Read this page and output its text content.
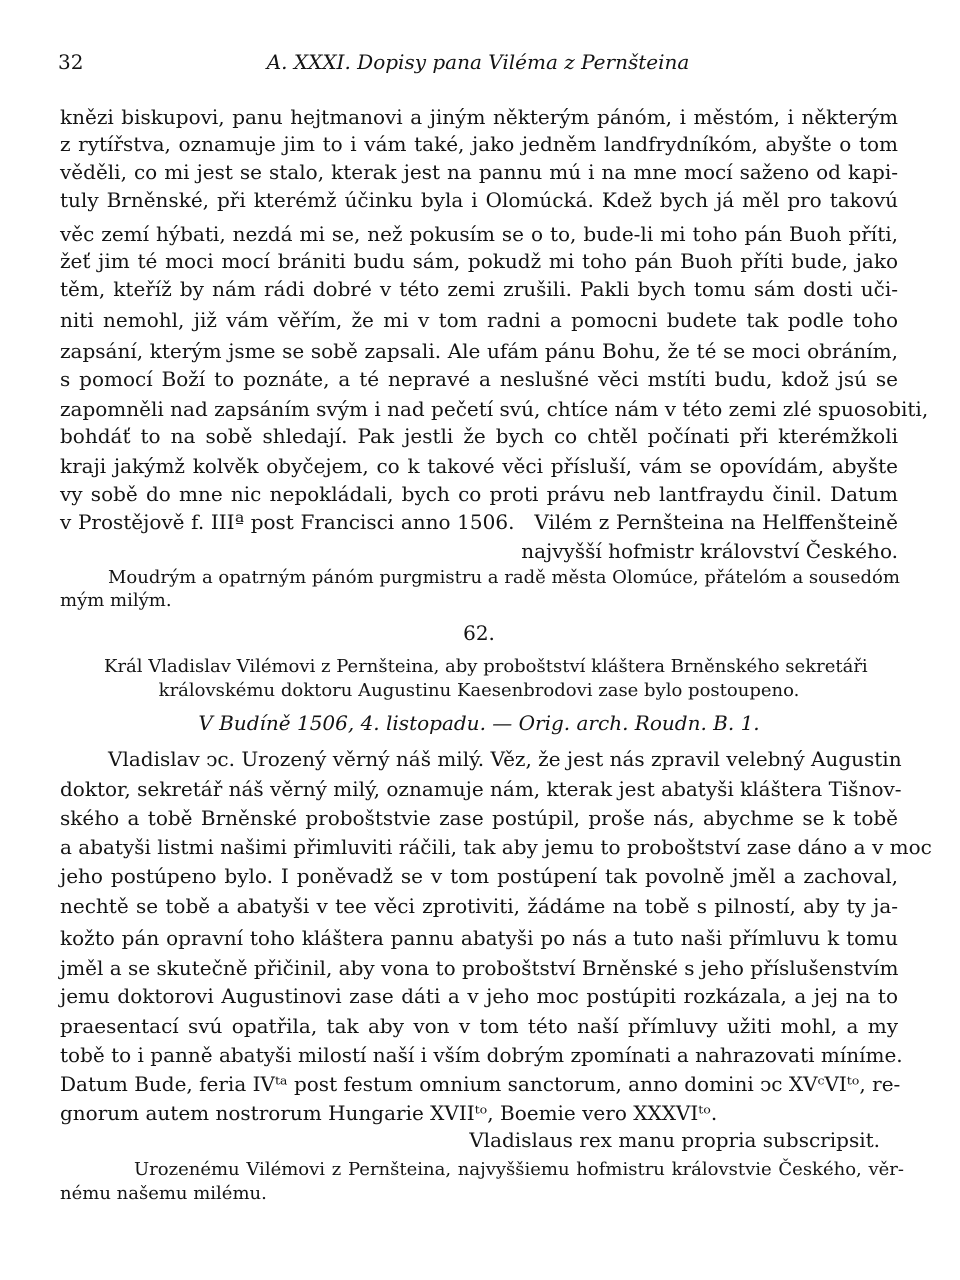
32	A. XXXI. Dopisy pana Viléma z Pernšteina
knězi biskupovi, panu hejtmanovi a jiným některým pánóm, i městóm, i některým
z rytířstva, oznamuje jim to i vám také, jako jedněm landfrydníkóm, abyšte o tom
věděli, co mi jest se stalo, kterak jest na pannu mú i na mne mocí saženo od kapi-
tuly Brněnské, při kterémž účinku byla i Olomúcká. Kdež bych já měl pro takovú
věc zemí hýbati, nezdá mi se, než pokusím se o to, bude-li mi toho pán Buoh příti,
žeť jim té moci mocí brániti budu sám, pokudž mi toho pán Buoh příti bude, jako
těm, kteříž by nám rádi dobré v této zemi zrušili. Pakli bych tomu sám dosti uči-
niti nemohl, již vám věřím, že mi v tom radni a pomocni budete tak podle toho
zapsání, kterým jsme se sobě zapsali. Ale ufám pánu Bohu, že té se moci obráním,
s pomocí Boží to poznáte, a té nepravé a neslušné věci mstíti budu, kdož jsú se
zapomněli nad zapsáním svým i nad pečetí svú, chtíce nám v této zemi zlé spuosobiti,
bohdáť to na sobě shledají. Pak jestli že bych co chtěl počínati při kterémžkoli
kraji jakýmž kolvěk obyčejem, co k takové věci přísluší, vám se opovídám, abyšte
vy sobě do mne nic nepokládali, bych co proti právu neb lantfraydu činil. Datum
v Prostějově f. IIIª post Francisci anno 1506.   Vilém z Pernšteina na Helffenšteině
najvyšší hofmistr království Českého.
Moudrým a opatrným pánóm purgmistru a radě města Olomúce, přátelóm a sousedóm
mým milým.
62.
Král Vladislav Vilémovi z Pernšteina, aby proboštství kláštera Brněnského sekretáři
královskému doktoru Augustinu Kaesenbrodovi zase bylo postoupeno.
V Budíně 1506, 4. listopadu. — Orig. arch. Roudn. B. 1.
Vladislav ↄc. Urozený věrný náš milý. Věz, že jest nás zpravil velebný Augustin
doktor, sekretář náš věrný milý, oznamuje nám, kterak jest abatyši kláštera Tišnov-
ského a tobě Brněnské proboštstvie zase postúpil, proše nás, abychme se k tobě
a abatyši listmi našimi přimluviti ráčili, tak aby jemu to proboštství zase dáno a v moc
jeho postúpeno bylo. I poněvadž se v tom postúpení tak povolně jměl a zachoval,
nechtě se tobě a abatyši v tee věci zprotiviti, žádáme na tobě s pilností, aby ty ja-
kožto pán opravní toho kláštera pannu abatyši po nás a tuto naši přímluvu k tomu
jměl a se skutečně přičinil, aby vona to proboštství Brněnské s jeho příslušenstvím
jemu doktorovi Augustinovi zase dáti a v jeho moc postúpiti rozkázala, a jej na to
praesentací svú opatřila, tak aby von v tom této naší přímluvy užiti mohl, a my
tobě to i panně abatyši milostí naší i vším dobrým zpomínati a nahrazovati míníme.
Datum Bude, feria IVᵗᵃ post festum omnium sanctorum, anno domini ↄc XVᶜVIᵗᵒ, re-
gnorum autem nostrorum Hungarie XVIIᵗᵒ, Boemie vero XXXVIᵗᵒ.
Vladislaus rex manu propria subscripsit.
Urozenému Vilémovi z Pernšteina, najvyššiemu hofmistru královstvie Českého, věr-
nému našemu milému.
